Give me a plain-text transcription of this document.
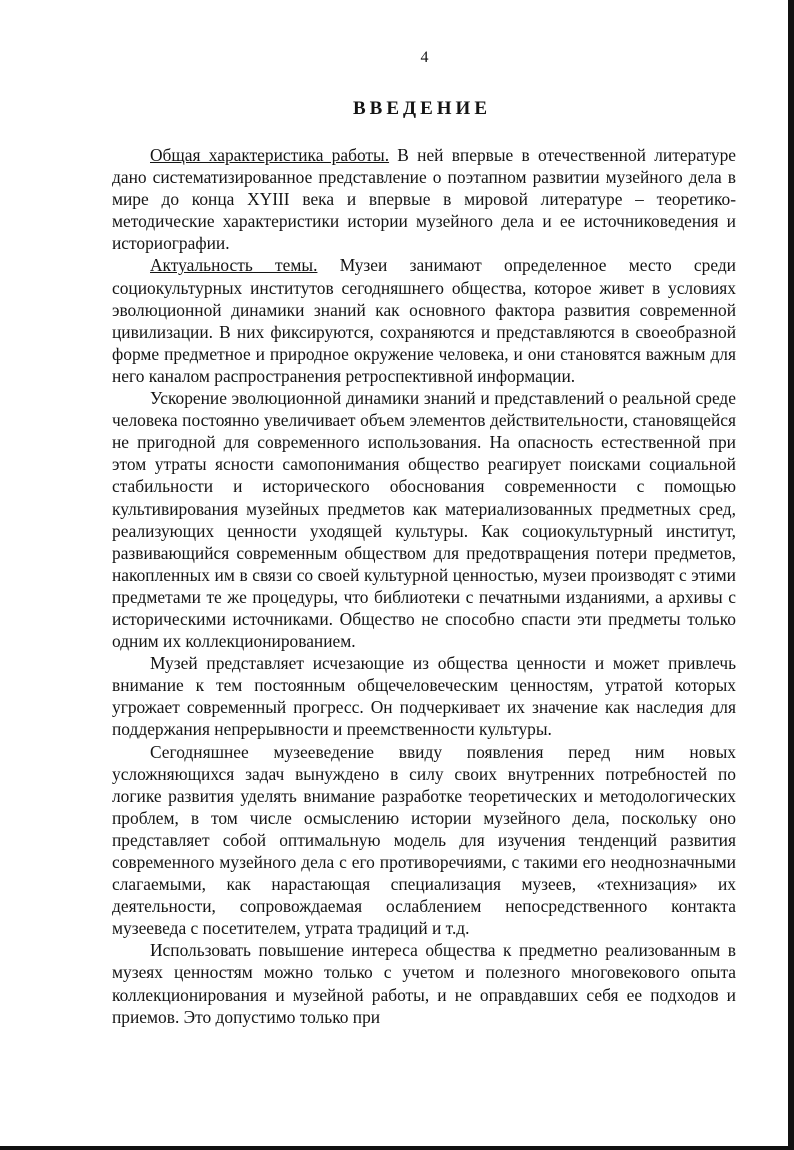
4
ВВЕДЕНИЕ

Общая характеристика работы. В ней впервые в отечественной литературе дано систематизированное представление о поэтапном развитии музейного дела в мире до конца XYIII века и впервые в мировой литературе – теоретико-методические характеристики истории музейного дела и ее источниковедения и историографии.

Актуальность темы. Музеи занимают определенное место среди социокультурных институтов сегодняшнего общества, которое живет в условиях эволюционной динамики знаний как основного фактора развития современной цивилизации. В них фиксируются, сохраняются и представляются в своеобразной форме предметное и природное окружение человека, и они становятся важным для него каналом распространения ретроспективной информации.

Ускорение эволюционной динамики знаний и представлений о реальной среде человека постоянно увеличивает объем элементов действительности, становящейся не пригодной для современного использования. На опасность естественной при этом утраты ясности самопонимания общество реагирует поисками социальной стабильности и исторического обоснования современности с помощью культивирования музейных предметов как материализованных предметных сред, реализующих ценности уходящей культуры. Как социокультурный институт, развивающийся современным обществом для предотвращения потери предметов, накопленных им в связи со своей культурной ценностью, музеи производят с этими предметами те же процедуры, что библиотеки с печатными изданиями, а архивы с историческими источниками. Общество не способно спасти эти предметы только одним их коллекционированием.

Музей представляет исчезающие из общества ценности и может привлечь внимание к тем постоянным общечеловеческим ценностям, утратой которых угрожает современный прогресс. Он подчеркивает их значение как наследия для поддержания непрерывности и преемственности культуры.

Сегодняшнее музееведение ввиду появления перед ним новых усложняющихся задач вынуждено в силу своих внутренних потребностей по логике развития уделять внимание разработке теоретических и методологических проблем, в том числе осмыслению истории музейного дела, поскольку оно представляет собой оптимальную модель для изучения тенденций развития современного музейного дела с его противоречиями, с такими его неоднозначными слагаемыми, как нарастающая специализация музеев, «технизация» их деятельности, сопровождаемая ослаблением непосредственного контакта музееведа с посетителем, утрата традиций и т.д.

Использовать повышение интереса общества к предметно реализованным в музеях ценностям можно только с учетом и полезного многовекового опыта коллекционирования и музейной работы, и не оправдавших себя ее подходов и приемов. Это допустимо только при
